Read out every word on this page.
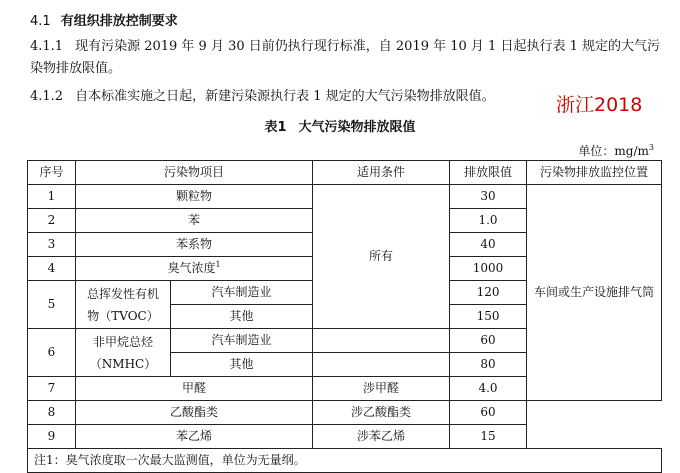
4.1 有组织排放控制要求

4.1.1 现有污染源 2019 年 9 月 30 日前仍执行现行标准，自 2019 年 10 月 1 日起执行表 1 规定的大气污染物排放限值。

4.1.2 自本标准实施之日起，新建污染源执行表 1 规定的大气污染物排放限值。	浙江2018
表1 大气污染物排放限值
单位：$mg/m^3$
序号	污染物项目		适用条件	排放限值	污染物排放监控位置
1	颗粒物		所有	30	车间或生产设施排气筒
2	苯			1.0	
3	苯系物			40	
4	臭气浓度$^1$			1000	
5	总挥发性有机
物（TVOC）	汽车制造业		120	
		其他		150	
6	非甲烷总烃
（NMHC）	汽车制造业		60	
		其他		80	
7	甲醛		涉甲醛	4.0	
8	乙酸酯类		涉乙酸酯类	60	
9	苯乙烯		涉苯乙烯	15	
注1：臭气浓度取一次最大监测值，单位为无量纲。					
